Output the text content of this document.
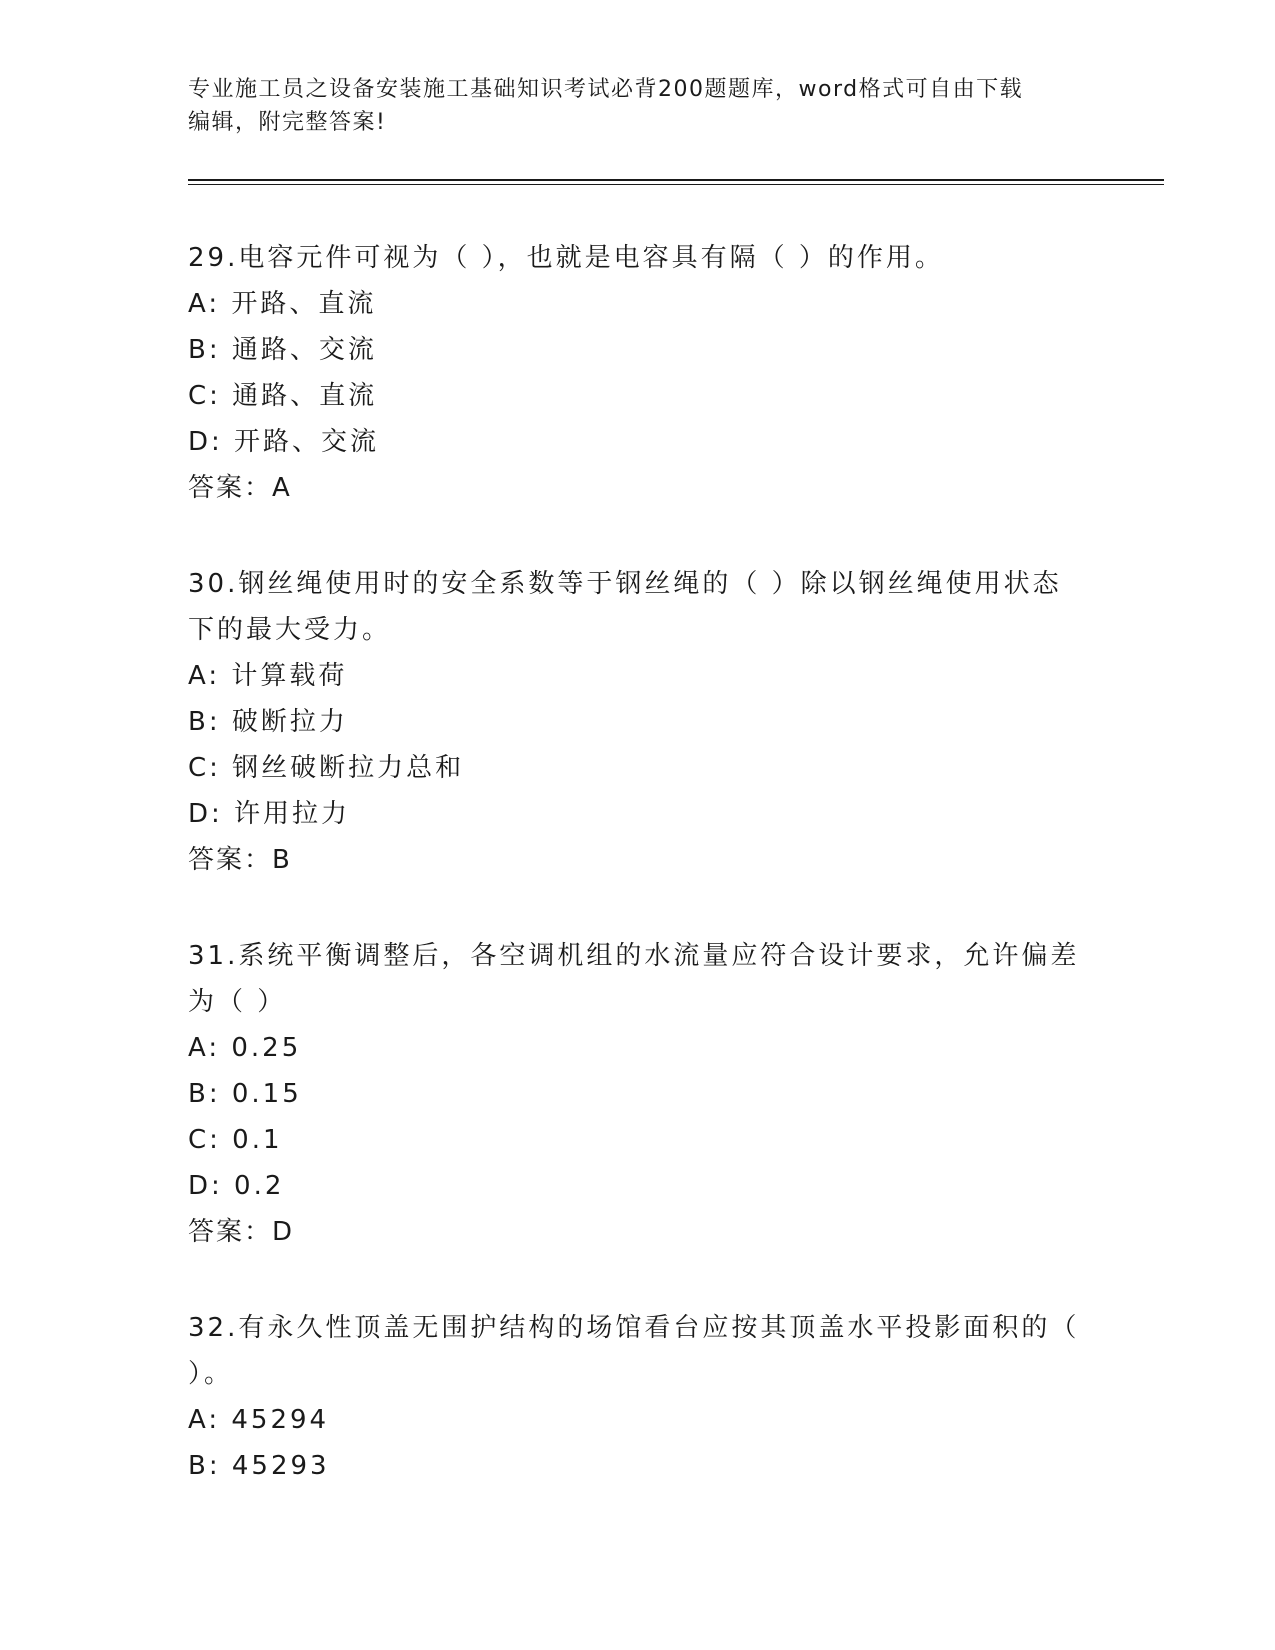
专业施工员之设备安装施工基础知识考试必背200题题库，word格式可自由下载
编辑，附完整答案!
29.电容元件可视为（ ），也就是电容具有隔（ ）的作用。
A: 开路、直流
B: 通路、交流
C: 通路、直流
D: 开路、交流
答案：A
30.钢丝绳使用时的安全系数等于钢丝绳的（ ）除以钢丝绳使用状态
下的最大受力。
A: 计算载荷
B: 破断拉力
C: 钢丝破断拉力总和
D: 许用拉力
答案：B
31.系统平衡调整后，各空调机组的水流量应符合设计要求，允许偏差
为（ ）
A: 0.25
B: 0.15
C: 0.1
D: 0.2
答案：D
32.有永久性顶盖无围护结构的场馆看台应按其顶盖水平投影面积的（
）。
A: 45294
B: 45293
